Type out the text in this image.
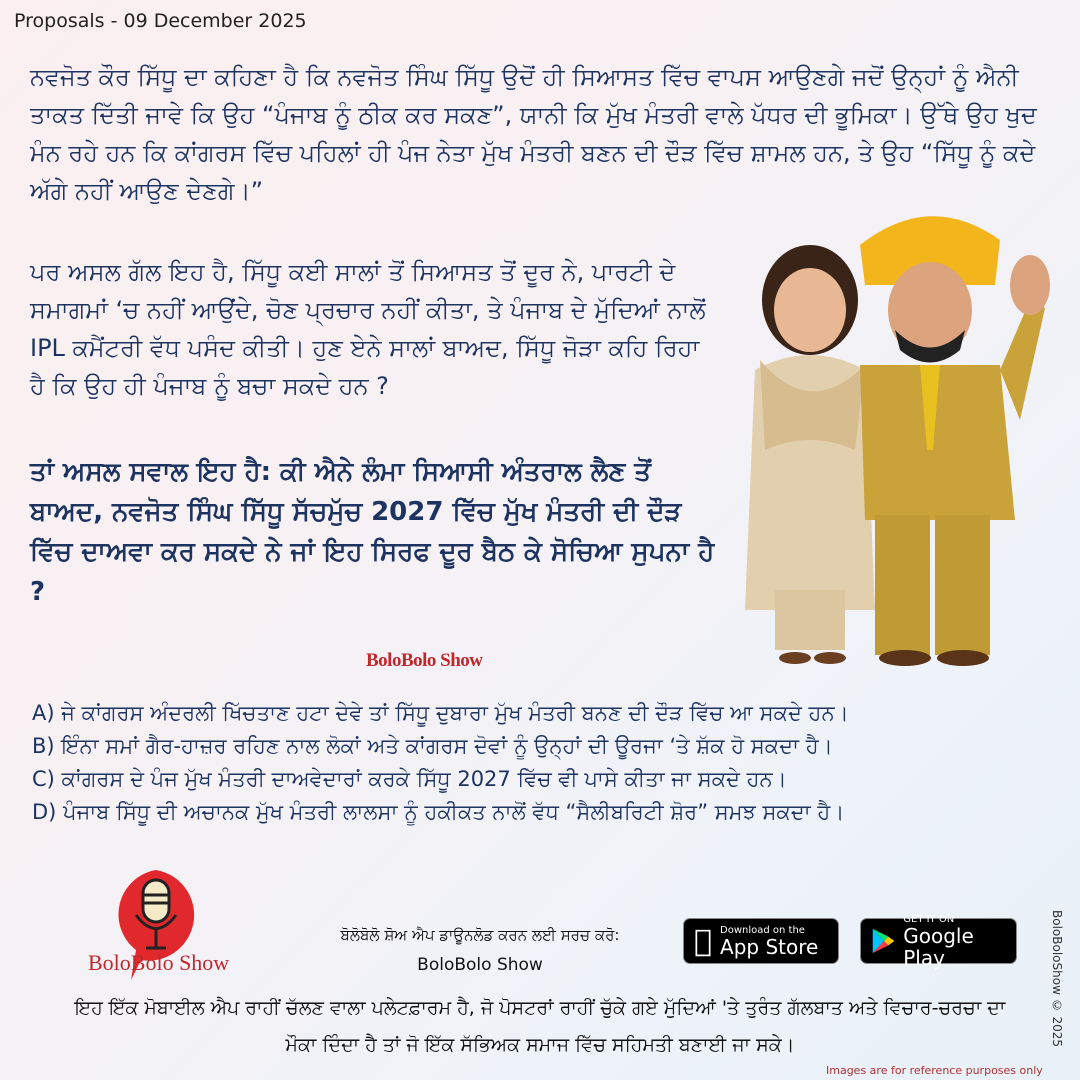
Proposals - 09 December 2025

ਨਵਜੋਤ ਕੌਰ ਸਿੱਧੂ ਦਾ ਕਹਿਣਾ ਹੈ ਕਿ ਨਵਜੋਤ ਸਿੰਘ ਸਿੱਧੂ ਉਦੋਂ ਹੀ ਸਿਆਸਤ ਵਿੱਚ ਵਾਪਸ ਆਉਣਗੇ ਜਦੋਂ ਉਨ੍ਹਾਂ ਨੂੰ ਐਨੀ ਤਾਕਤ ਦਿੱਤੀ ਜਾਵੇ ਕਿ ਉਹ “ਪੰਜਾਬ ਨੂੰ ਠੀਕ ਕਰ ਸਕਣ”, ਯਾਨੀ ਕਿ ਮੁੱਖ ਮੰਤਰੀ ਵਾਲੇ ਪੱਧਰ ਦੀ ਭੂਮਿਕਾ। ਉੱਥੇ ਉਹ ਖੁਦ ਮੰਨ ਰਹੇ ਹਨ ਕਿ ਕਾਂਗਰਸ ਵਿੱਚ ਪਹਿਲਾਂ ਹੀ ਪੰਜ ਨੇਤਾ ਮੁੱਖ ਮੰਤਰੀ ਬਣਨ ਦੀ ਦੌੜ ਵਿੱਚ ਸ਼ਾਮਲ ਹਨ, ਤੇ ਉਹ “ਸਿੱਧੂ ਨੂੰ ਕਦੇ ਅੱਗੇ ਨਹੀਂ ਆਉਣ ਦੇਣਗੇ।”

ਪਰ ਅਸਲ ਗੱਲ ਇਹ ਹੈ, ਸਿੱਧੂ ਕਈ ਸਾਲਾਂ ਤੋਂ ਸਿਆਸਤ ਤੋਂ ਦੂਰ ਨੇ, ਪਾਰਟੀ ਦੇ ਸਮਾਗਮਾਂ ‘ਚ ਨਹੀਂ ਆਉਂਦੇ, ਚੋਣ ਪ੍ਰਚਾਰ ਨਹੀਂ ਕੀਤਾ, ਤੇ ਪੰਜਾਬ ਦੇ ਮੁੱਦਿਆਂ ਨਾਲੋਂ IPL ਕਮੈਂਟਰੀ ਵੱਧ ਪਸੰਦ ਕੀਤੀ। ਹੁਣ ਏਨੇ ਸਾਲਾਂ ਬਾਅਦ, ਸਿੱਧੂ ਜੋੜਾ ਕਹਿ ਰਿਹਾ ਹੈ ਕਿ ਉਹ ਹੀ ਪੰਜਾਬ ਨੂੰ ਬਚਾ ਸਕਦੇ ਹਨ ?

ਤਾਂ ਅਸਲ ਸਵਾਲ ਇਹ ਹੈ: ਕੀ ਐਨੇ ਲੰਮਾ ਸਿਆਸੀ ਅੰਤਰਾਲ ਲੈਣ ਤੋਂ ਬਾਅਦ, ਨਵਜੋਤ ਸਿੰਘ ਸਿੱਧੂ ਸੱਚਮੁੱਚ 2027 ਵਿੱਚ ਮੁੱਖ ਮੰਤਰੀ ਦੀ ਦੌੜ ਵਿੱਚ ਦਾਅਵਾ ਕਰ ਸਕਦੇ ਨੇ ਜਾਂ ਇਹ ਸਿਰਫ ਦੂਰ ਬੈਠ ਕੇ ਸੋਚਿਆ ਸੁਪਨਾ ਹੈ ?

BoloBolo Show
A) ਜੇ ਕਾਂਗਰਸ ਅੰਦਰਲੀ ਖਿੱਚਤਾਣ ਹਟਾ ਦੇਵੇ ਤਾਂ ਸਿੱਧੂ ਦੁਬਾਰਾ ਮੁੱਖ ਮੰਤਰੀ ਬਨਣ ਦੀ ਦੌੜ ਵਿੱਚ ਆ ਸਕਦੇ ਹਨ।
B) ਇੰਨਾ ਸਮਾਂ ਗੈਰ-ਹਾਜ਼ਰ ਰਹਿਣ ਨਾਲ ਲੋਕਾਂ ਅਤੇ ਕਾਂਗਰਸ ਦੋਵਾਂ ਨੂੰ ਉਨ੍ਹਾਂ ਦੀ ਊਰਜਾ ‘ਤੇ ਸ਼ੱਕ ਹੋ ਸਕਦਾ ਹੈ।
C) ਕਾਂਗਰਸ ਦੇ ਪੰਜ ਮੁੱਖ ਮੰਤਰੀ ਦਾਅਵੇਦਾਰਾਂ ਕਰਕੇ ਸਿੱਧੂ 2027 ਵਿੱਚ ਵੀ ਪਾਸੇ ਕੀਤਾ ਜਾ ਸਕਦੇ ਹਨ।
D) ਪੰਜਾਬ ਸਿੱਧੂ ਦੀ ਅਚਾਨਕ ਮੁੱਖ ਮੰਤਰੀ ਲਾਲਸਾ ਨੂੰ ਹਕੀਕਤ ਨਾਲੋਂ ਵੱਧ “ਸੈਲੀਬਰਿਟੀ ਸ਼ੋਰ” ਸਮਝ ਸਕਦਾ ਹੈ।
BoloBolo Show
ਬੋਲੋਬੋਲੋ ਸ਼ੋਅ ਐਪ ਡਾਊਨਲੋਡ ਕਰਨ ਲਈ ਸਰਚ ਕਰੋ:
BoloBolo Show
Download on the
App Store
GET IT ON
Google Play

ਇਹ ਇੱਕ ਮੋਬਾਈਲ ਐਪ ਰਾਹੀਂ ਚੱਲਣ ਵਾਲਾ ਪਲੇਟਫ਼ਾਰਮ ਹੈ, ਜੋ ਪੋਸਟਰਾਂ ਰਾਹੀਂ ਚੁੱਕੇ ਗਏ ਮੁੱਦਿਆਂ 'ਤੇ ਤੁਰੰਤ ਗੱਲਬਾਤ ਅਤੇ ਵਿਚਾਰ-ਚਰਚਾ ਦਾ ਮੌਕਾ ਦਿੰਦਾ ਹੈ ਤਾਂ ਜੋ ਇੱਕ ਸੱਭਿਅਕ ਸਮਾਜ ਵਿੱਚ ਸਹਿਮਤੀ ਬਣਾਈ ਜਾ ਸਕੇ।	BoloBoloShow © 2025
Images are for reference purposes only
